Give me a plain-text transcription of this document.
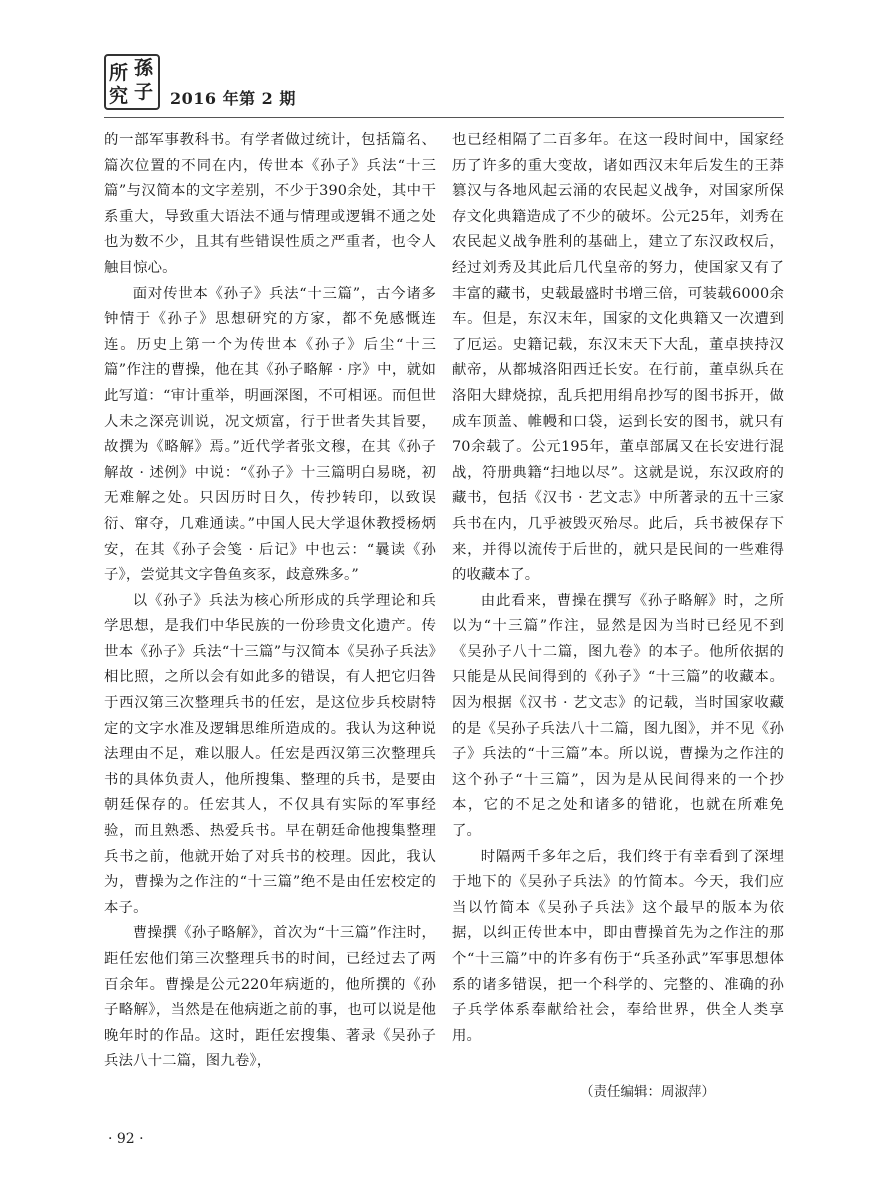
所 孫
究 子 2016 年第 2 期

的一部军事教科书。有学者做过统计，包括篇名、篇次位置的不同在内，传世本《孙子》兵法“十三篇”与汉简本的文字差别，不少于390余处，其中干系重大，导致重大语法不通与情理或逻辑不通之处也为数不少，且其有些错误性质之严重者，也令人触目惊心。

面对传世本《孙子》兵法“十三篇”，古今诸多钟情于《孙子》思想研究的方家，都不免感慨连连。历史上第一个为传世本《孙子》后尘“十三篇”作注的曹操，他在其《孙子略解 · 序》中，就如此写道：“审计重举，明画深图，不可相诬。而但世人未之深亮训说，况文烦富，行于世者失其旨要，故撰为《略解》焉。”近代学者张文穆，在其《孙子解故 · 述例》中说：“《孙子》十三篇明白易晓，初无难解之处。只因历时日久，传抄转印，以致误衍、窜夺，几难通读。”中国人民大学退休教授杨炳安，在其《孙子会笺 · 后记》中也云：“曩读《孙子》，尝觉其文字鲁鱼亥豕，歧意殊多。”

以《孙子》兵法为核心所形成的兵学理论和兵学思想，是我们中华民族的一份珍贵文化遗产。传世本《孙子》兵法“十三篇”与汉简本《吴孙子兵法》相比照，之所以会有如此多的错误，有人把它归咎于西汉第三次整理兵书的任宏，是这位步兵校尉特定的文字水准及逻辑思维所造成的。我认为这种说法理由不足，难以服人。任宏是西汉第三次整理兵书的具体负责人，他所搜集、整理的兵书，是要由朝廷保存的。任宏其人，不仅具有实际的军事经验，而且熟悉、热爱兵书。早在朝廷命他搜集整理兵书之前，他就开始了对兵书的校理。因此，我认为，曹操为之作注的“十三篇”绝不是由任宏校定的本子。

曹操撰《孙子略解》，首次为“十三篇”作注时，距任宏他们第三次整理兵书的时间，已经过去了两百余年。曹操是公元220年病逝的，他所撰的《孙子略解》，当然是在他病逝之前的事，也可以说是他晚年时的作品。这时，距任宏搜集、著录《吴孙子兵法八十二篇，图九卷》，

也已经相隔了二百多年。在这一段时间中，国家经历了许多的重大变故，诸如西汉末年后发生的王莽篡汉与各地风起云涌的农民起义战争，对国家所保存文化典籍造成了不少的破坏。公元25年，刘秀在农民起义战争胜利的基础上，建立了东汉政权后，经过刘秀及其此后几代皇帝的努力，使国家又有了丰富的藏书，史载最盛时书增三倍，可装载6000余车。但是，东汉末年，国家的文化典籍又一次遭到了厄运。史籍记载，东汉末天下大乱，董卓挟持汉献帝，从都城洛阳西迁长安。在行前，董卓纵兵在洛阳大肆烧掠，乱兵把用绢帛抄写的图书拆开，做成车顶盖、帷幔和口袋，运到长安的图书，就只有70余载了。公元195年，董卓部属又在长安进行混战，符册典籍“扫地以尽”。这就是说，东汉政府的藏书，包括《汉书 · 艺文志》中所著录的五十三家兵书在内，几乎被毁灭殆尽。此后，兵书被保存下来，并得以流传于后世的，就只是民间的一些难得的收藏本了。

由此看来，曹操在撰写《孙子略解》时，之所以为“十三篇”作注，显然是因为当时已经见不到《吴孙子八十二篇，图九卷》的本子。他所依据的只能是从民间得到的《孙子》“十三篇”的收藏本。因为根据《汉书 · 艺文志》的记载，当时国家收藏的是《吴孙子兵法八十二篇，图九图》，并不见《孙子》兵法的“十三篇”本。所以说，曹操为之作注的这个孙子“十三篇”，因为是从民间得来的一个抄本，它的不足之处和诸多的错讹，也就在所难免了。

时隔两千多年之后，我们终于有幸看到了深埋于地下的《吴孙子兵法》的竹简本。今天，我们应当以竹简本《吴孙子兵法》这个最早的版本为依据，以纠正传世本中，即由曹操首先为之作注的那个“十三篇”中的许多有伤于“兵圣孙武”军事思想体系的诸多错误，把一个科学的、完整的、准确的孙子兵学体系奉献给社会，奉给世界，供全人类享用。

（责任编辑：周淑萍）
· 92 ·
